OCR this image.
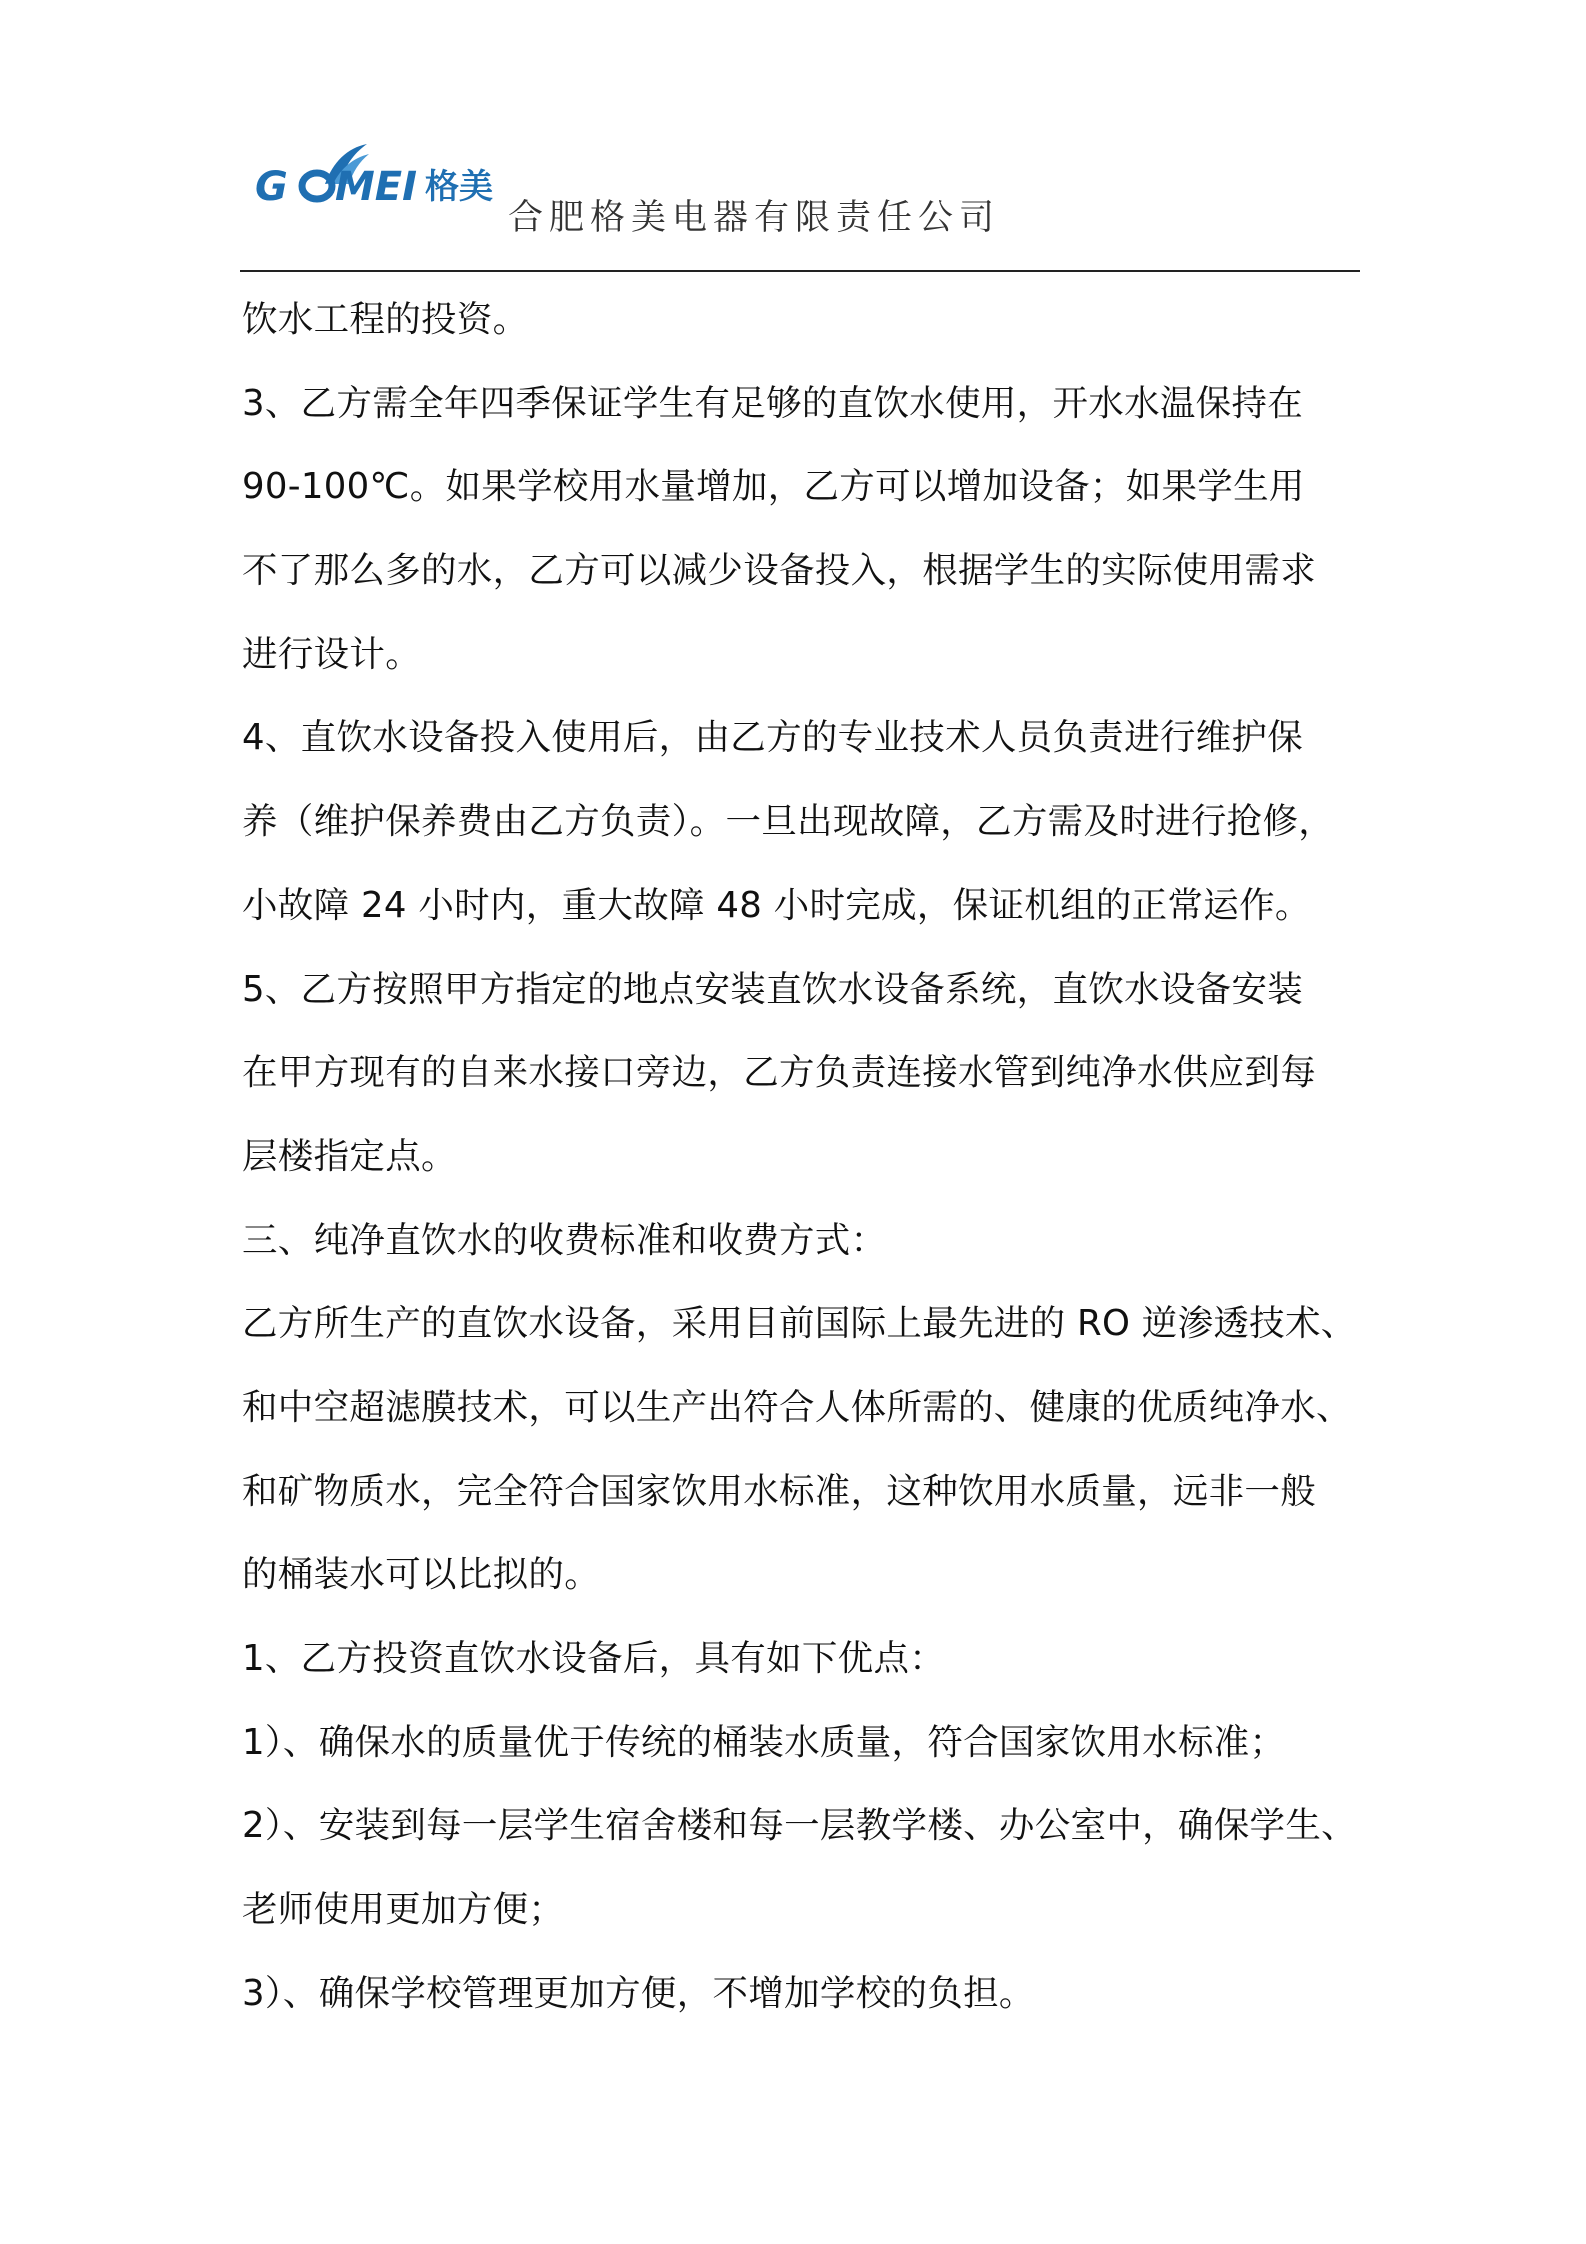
G MEI 格美
合肥格美电器有限责任公司
饮水工程的投资。
3、乙方需全年四季保证学生有足够的直饮水使用，开水水温保持在
90-100℃。如果学校用水量增加，乙方可以增加设备；如果学生用
不了那么多的水，乙方可以减少设备投入，根据学生的实际使用需求
进行设计。
4、直饮水设备投入使用后，由乙方的专业技术人员负责进行维护保
养（维护保养费由乙方负责）。一旦出现故障，乙方需及时进行抢修，
小故障 24 小时内，重大故障 48 小时完成，保证机组的正常运作。
5、乙方按照甲方指定的地点安装直饮水设备系统，直饮水设备安装
在甲方现有的自来水接口旁边，乙方负责连接水管到纯净水供应到每
层楼指定点。
三、纯净直饮水的收费标准和收费方式：
乙方所生产的直饮水设备，采用目前国际上最先进的 RO 逆渗透技术、
和中空超滤膜技术，可以生产出符合人体所需的、健康的优质纯净水、
和矿物质水，完全符合国家饮用水标准，这种饮用水质量，远非一般
的桶装水可以比拟的。
1、乙方投资直饮水设备后，具有如下优点：
1）、确保水的质量优于传统的桶装水质量，符合国家饮用水标准；
2）、安装到每一层学生宿舍楼和每一层教学楼、办公室中，确保学生、
老师使用更加方便；
3）、确保学校管理更加方便，不增加学校的负担。
